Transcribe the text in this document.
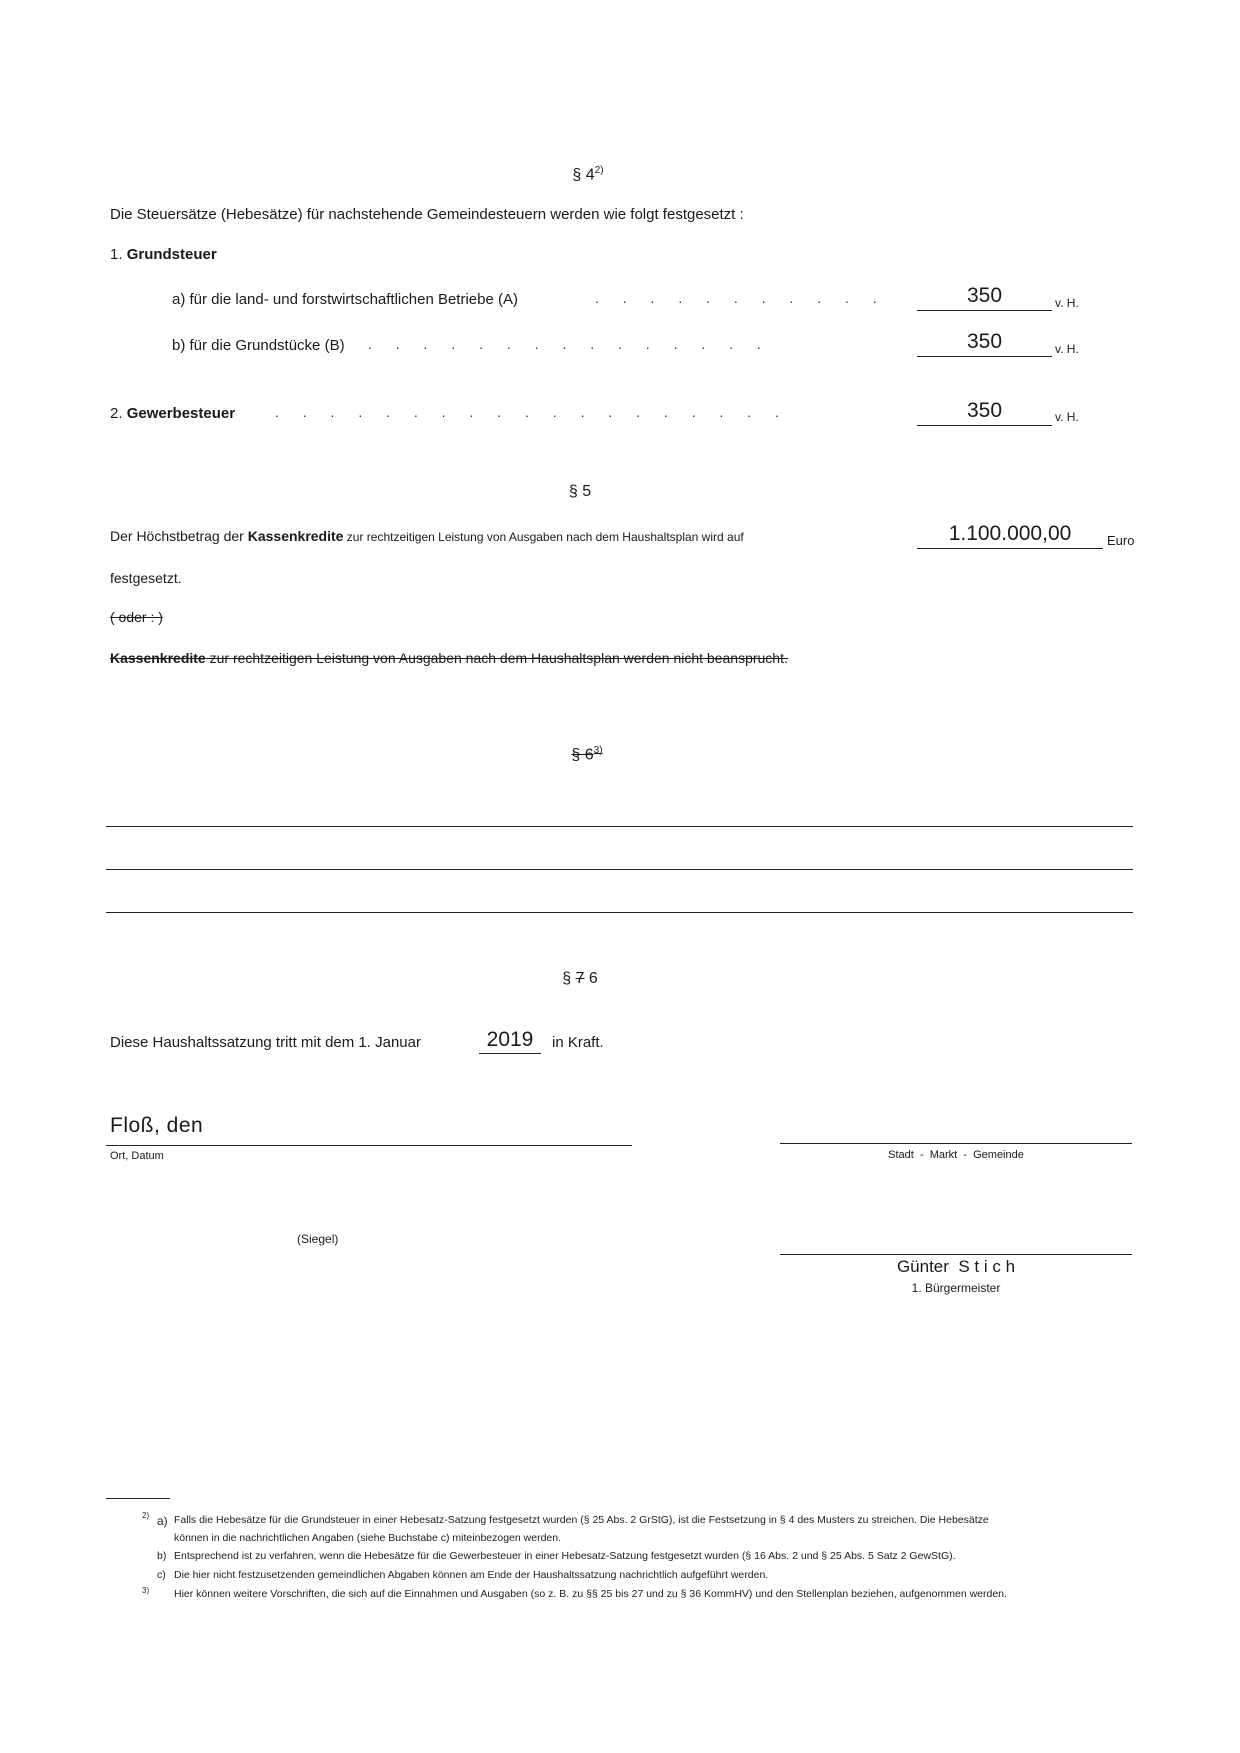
§ 4$^{2)}$
Die Steuersätze (Hebesätze) für nachstehende Gemeindesteuern werden wie folgt festgesetzt :
1. Grundsteuer
a) für die land- und forstwirtschaftlichen Betriebe (A)	. . . . . . . . . . .	350	v. H.
b) für die Grundstücke (B) . . . . . . . . . . . . . . .	350	v. H.
2. Gewerbesteuer	. . . . . . . . . . . . . . . . . . .	350	v. H.
§ 5
Der Höchstbetrag der Kassenkredite zur rechtzeitigen Leistung von Ausgaben nach dem Haushaltsplan wird auf	1.100.000,00	Euro
festgesetzt.
( oder : )
Kassenkredite zur rechtzeitigen Leistung von Ausgaben nach dem Haushaltsplan werden nicht beansprucht.
§ 6$^{3)}$
§ 7 6
Diese Haushaltssatzung tritt mit dem 1. Januar	2019	in Kraft.
Floß, den
Ort, Datum	Stadt  -  Markt  -  Gemeinde
(Siegel)
Günter  S t i c h
1. Bürgermeister
2) a) Falls die Hebesätze für die Grundsteuer in einer Hebesatz-Satzung festgesetzt wurden (§ 25 Abs. 2 GrStG), ist die Festsetzung in § 4 des Musters zu streichen. Die Hebesätze
können in die nachrichtlichen Angaben (siehe Buchstabe c) miteinbezogen werden.
b) Entsprechend ist zu verfahren, wenn die Hebesätze für die Gewerbesteuer in einer Hebesatz-Satzung festgesetzt wurden (§ 16 Abs. 2 und § 25 Abs. 5 Satz 2 GewStG).
c) Die hier nicht festzusetzenden gemeindlichen Abgaben können am Ende der Haushaltssatzung nachrichtlich aufgeführt werden.
3) Hier können weitere Vorschriften, die sich auf die Einnahmen und Ausgaben (so z. B. zu §§ 25 bis 27 und zu § 36 KommHV) und den Stellenplan beziehen, aufgenommen werden.
